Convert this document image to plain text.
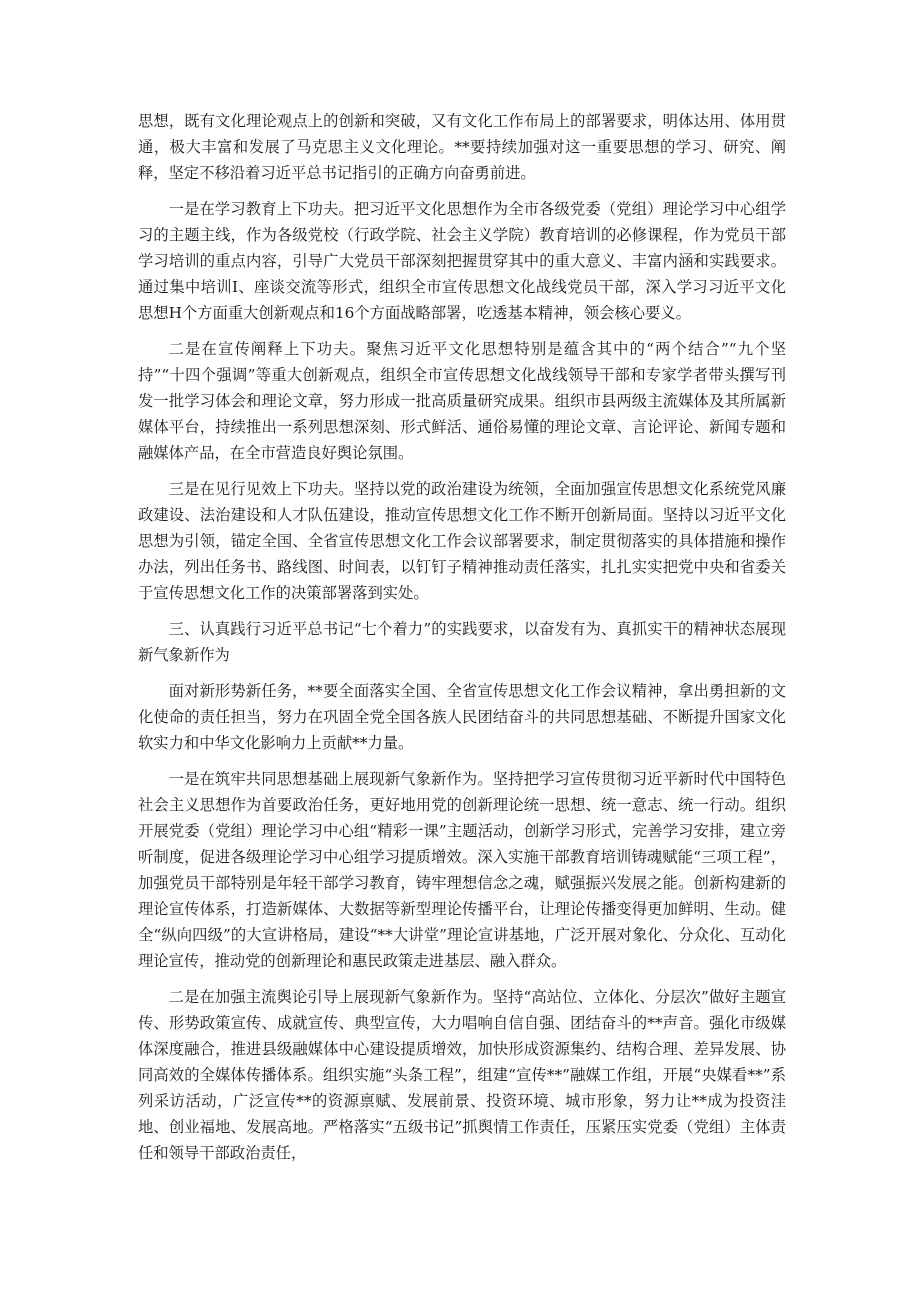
思想，既有文化理论观点上的创新和突破，又有文化工作布局上的部署要求，明体达用、体用贯通，极大丰富和发展了马克思主义文化理论。**要持续加强对这一重要思想的学习、研究、阐释，坚定不移沿着习近平总书记指引的正确方向奋勇前进。

一是在学习教育上下功夫。把习近平文化思想作为全市各级党委（党组）理论学习中心组学习的主题主线，作为各级党校（行政学院、社会主义学院）教育培训的必修课程，作为党员干部学习培训的重点内容，引导广大党员干部深刻把握贯穿其中的重大意义、丰富内涵和实践要求。通过集中培训I、座谈交流等形式，组织全市宣传思想文化战线党员干部，深入学习习近平文化思想H个方面重大创新观点和16个方面战略部署，吃透基本精神，领会核心要义。

二是在宣传阐释上下功夫。聚焦习近平文化思想特别是蕴含其中的“两个结合”“九个坚持”“十四个强调”等重大创新观点，组织全市宣传思想文化战线领导干部和专家学者带头撰写刊发一批学习体会和理论文章，努力形成一批高质量研究成果。组织市县两级主流媒体及其所属新媒体平台，持续推出一系列思想深刻、形式鲜活、通俗易懂的理论文章、言论评论、新闻专题和融媒体产品，在全市营造良好舆论氛围。

三是在见行见效上下功夫。坚持以党的政治建设为统领，全面加强宣传思想文化系统党风廉政建设、法治建设和人才队伍建设，推动宣传思想文化工作不断开创新局面。坚持以习近平文化思想为引领，锚定全国、全省宣传思想文化工作会议部署要求，制定贯彻落实的具体措施和操作办法，列出任务书、路线图、时间表，以钉钉子精神推动责任落实，扎扎实实把党中央和省委关于宣传思想文化工作的决策部署落到实处。

三、认真践行习近平总书记“七个着力”的实践要求，以奋发有为、真抓实干的精神状态展现新气象新作为

面对新形势新任务，**要全面落实全国、全省宣传思想文化工作会议精神，拿出勇担新的文化使命的责任担当，努力在巩固全党全国各族人民团结奋斗的共同思想基础、不断提升国家文化软实力和中华文化影响力上贡献**力量。

一是在筑牢共同思想基础上展现新气象新作为。坚持把学习宣传贯彻习近平新时代中国特色社会主义思想作为首要政治任务，更好地用党的创新理论统一思想、统一意志、统一行动。组织开展党委（党组）理论学习中心组“精彩一课”主题活动，创新学习形式，完善学习安排，建立旁听制度，促进各级理论学习中心组学习提质增效。深入实施干部教育培训铸魂赋能“三项工程”，加强党员干部特别是年轻干部学习教育，铸牢理想信念之魂，赋强振兴发展之能。创新构建新的理论宣传体系，打造新媒体、大数据等新型理论传播平台，让理论传播变得更加鲜明、生动。健全“纵向四级”的大宣讲格局，建设“**大讲堂”理论宣讲基地，广泛开展对象化、分众化、互动化理论宣传，推动党的创新理论和惠民政策走进基层、融入群众。

二是在加强主流舆论引导上展现新气象新作为。坚持“高站位、立体化、分层次”做好主题宣传、形势政策宣传、成就宣传、典型宣传，大力唱响自信自强、团结奋斗的**声音。强化市级媒体深度融合，推进县级融媒体中心建设提质增效，加快形成资源集约、结构合理、差异发展、协同高效的全媒体传播体系。组织实施“头条工程”，组建“宣传**”融媒工作组，开展“央媒看**”系列采访活动，广泛宣传**的资源禀赋、发展前景、投资环境、城市形象，努力让**成为投资洼地、创业福地、发展高地。严格落实“五级书记”抓舆情工作责任，压紧压实党委（党组）主体责任和领导干部政治责任，
